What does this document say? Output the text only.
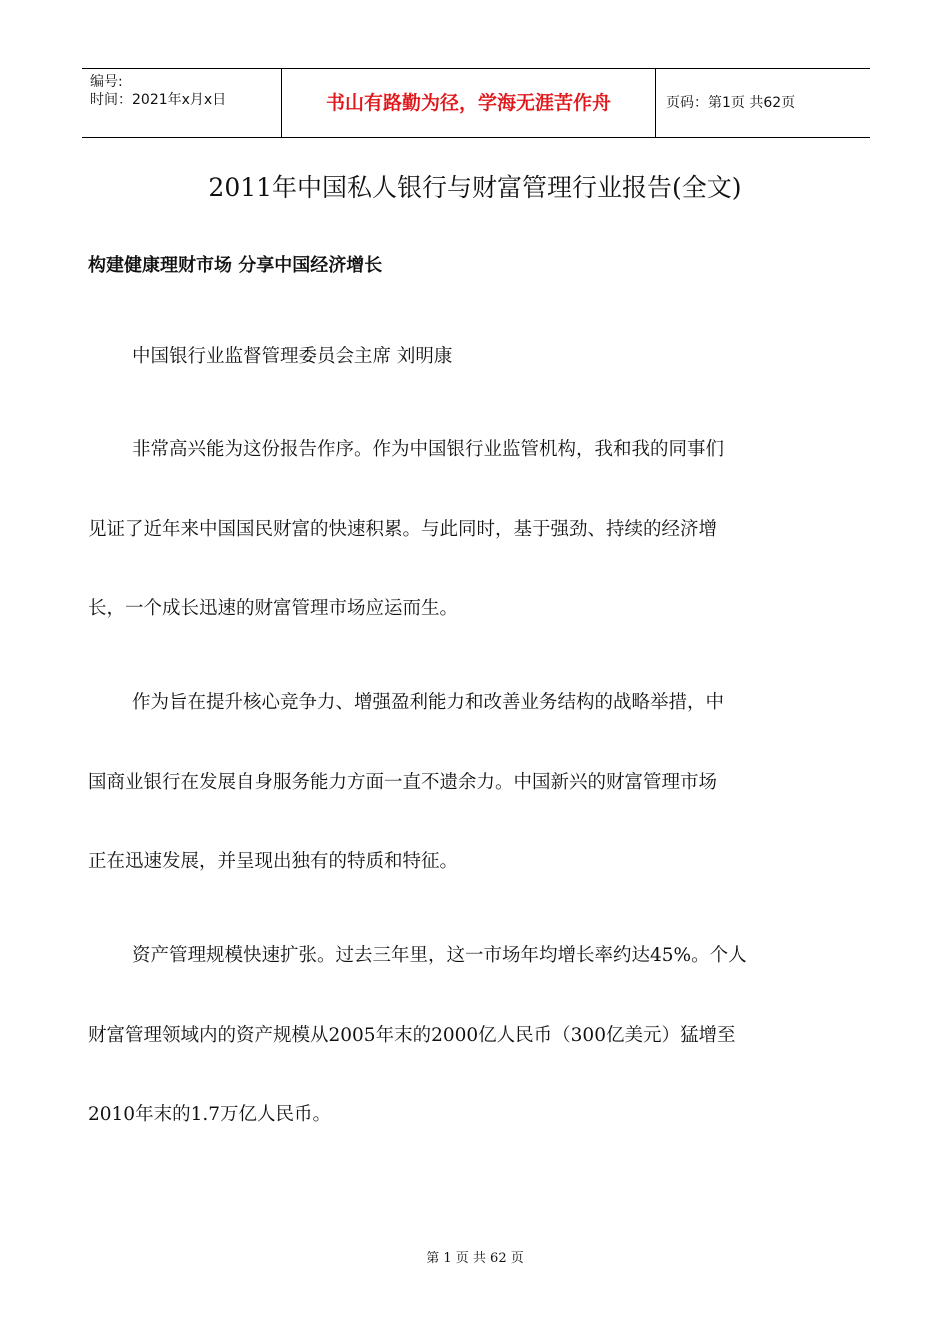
编号:
时间：2021年x月x日	书山有路勤为径，学海无涯苦作舟	页码：第1页 共62页
2011年中国私人银行与财富管理行业报告(全文)
构建健康理财市场 分享中国经济增长
中国银行业监督管理委员会主席 刘明康
非常高兴能为这份报告作序。作为中国银行业监管机构，我和我的同事们
见证了近年来中国国民财富的快速积累。与此同时，基于强劲、持续的经济增
长，一个成长迅速的财富管理市场应运而生。
作为旨在提升核心竞争力、增强盈利能力和改善业务结构的战略举措，中
国商业银行在发展自身服务能力方面一直不遗余力。中国新兴的财富管理市场
正在迅速发展，并呈现出独有的特质和特征。
资产管理规模快速扩张。过去三年里，这一市场年均增长率约达45%。个人
财富管理领域内的资产规模从2005年末的2000亿人民币（300亿美元）猛增至
2010年末的1.7万亿人民币。
第 1 页 共 62 页
